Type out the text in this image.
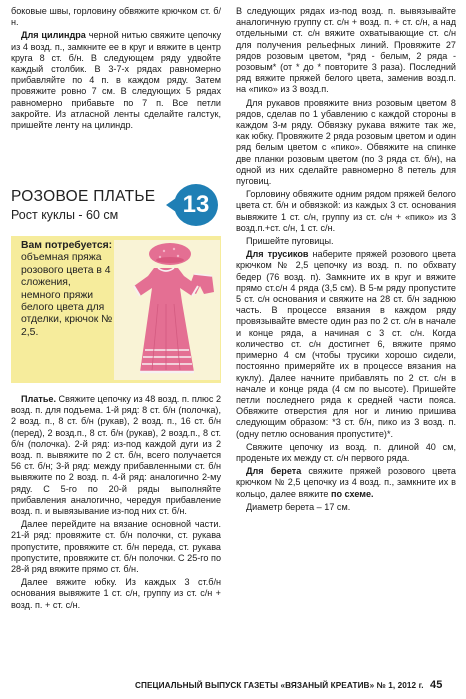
боковые швы, горловину обвяжите крючком ст. б/н.

Для цилиндра черной нитью свяжите цепочку из 4 возд. п., замкните ее в круг и вяжите в центр круга 8 ст. б/н. В следующем ряду удвойте каждый столбик. В 3-7-х рядах равномерно прибавляйте по 4 п. в каждом ряду. Затем провяжите ровно 7 см. В следующих 5 рядах равномерно прибавьте по 7 п. Все петли закройте. Из атласной ленты сделайте галстук, пришейте ленту на цилиндр.

РОЗОВОЕ ПЛАТЬЕ
Рост куклы - 60 см	13
Вам потребуется:
объемная пряжа розового цвета в 4 сложения, немного пряжи белого цвета для отделки, крючок № 2,5.

Платье. Свяжите цепочку из 48 возд. п. плюс 2 возд. п. для подъема. 1-й ряд: 8 ст. б/н (полочка), 2 возд. п., 8 ст. б/н (рукав), 2 возд. п., 16 ст. б/н (перед), 2 возд.п., 8 ст. б/н (рукав), 2 возд.п., 8 ст. б/н (полочка). 2-й ряд: из-под каждой дуги из 2 возд. п. вывяжите по 2 ст. б/н, всего получается 56 ст. б/н; 3-й ряд: между прибавленными ст. б/н вывяжите по 2 возд. п. 4-й ряд: аналогично 2-му ряду. С 5-го по 20-й ряды выполняйте прибавления аналогично, чередуя прибавление возд. п. и вывязывание из-под них ст. б/н.

Далее перейдите на вязание основной части. 21-й ряд: провяжите ст. б/н полочки, ст. рукава пропустите, провяжите ст. б/н переда, ст. рукава пропустите, провяжите ст. б/н полочки. С 25-го по 28-й ряд вяжите прямо ст. б/н.

Далее вяжите юбку. Из каждых 3 ст.б/н основания вывяжите 1 ст. с/н, группу из ст. с/н + возд. п. + ст. с/н.

В следующих рядах из-под возд. п. вывязывайте аналогичную группу ст. с/н + возд. п. + ст. с/н, а над отдельными ст. с/н вяжите охватывающие ст. с/н для получения рельефных линий. Провяжите 27 рядов розовым цветом, *ряд - белым, 2 ряда - розовым* (от * до * повторите 3 раза). Последний ряд вяжите пряжей белого цвета, заменив возд.п. на «пико» из 3 возд.п.

Для рукавов провяжите вниз розовым цветом 8 рядов, сделав по 1 убавлению с каждой стороны в каждом 3-м ряду. Обвязку рукава вяжите так же, как юбку. Провяжите 2 ряда розовым цветом и один ряд белым цветом с «пико». Обвяжите на спинке две планки розовым цветом (по 3 ряда ст. б/н), на одной из них сделайте равномерно 8 петель для пуговиц.

Горловину обвяжите одним рядом пряжей белого цвета ст. б/н и обвязкой: из каждых 3 ст. основания вывяжите 1 ст. с/н, группу из ст. с/н + «пико» из 3 возд.п.+ст. с/н, 1 ст. с/н.

Пришейте пуговицы.

Для трусиков наберите пряжей розового цвета крючком № 2,5 цепочку из возд. п. по обхвату бедер (76 возд. п). Замкните их в круг и вяжите прямо ст.с/н 4 ряда (3,5 см). В 5-м ряду пропустите 5 ст. с/н основания и свяжите на 28 ст. б/н заднюю часть. В процессе вязания в каждом ряду провязывайте вместе один раз по 2 ст. с/н в начале и конце ряда, а начиная с 3 ст. с/н. Когда количество ст. с/н достигнет 6, вяжите прямо примерно 4 см (чтобы трусики хорошо сидели, постоянно примеряйте их в процессе вязания на куклу). Далее начните прибавлять по 2 ст. с/н в начале и конце ряда (4 см по высоте). Пришейте петли последнего ряда к средней части пояса. Обвяжите отверстия для ног и линию пришива следующим образом: *3 ст. б/н, пико из 3 возд. п. (одну петлю основания пропустите)*.

Свяжите цепочку из возд. п. длиной 40 см, проденьте их между ст. с/н первого ряда.

Для берета свяжите пряжей розового цвета крючком № 2,5 цепочку из 4 возд. п., замкните их в кольцо, далее вяжите по схеме.

Диаметр берета – 17 см.

СПЕЦИАЛЬНЫЙ ВЫПУСК ГАЗЕТЫ «ВЯЗАНЫЙ КРЕАТИВ» № 1, 2012 г. 45
